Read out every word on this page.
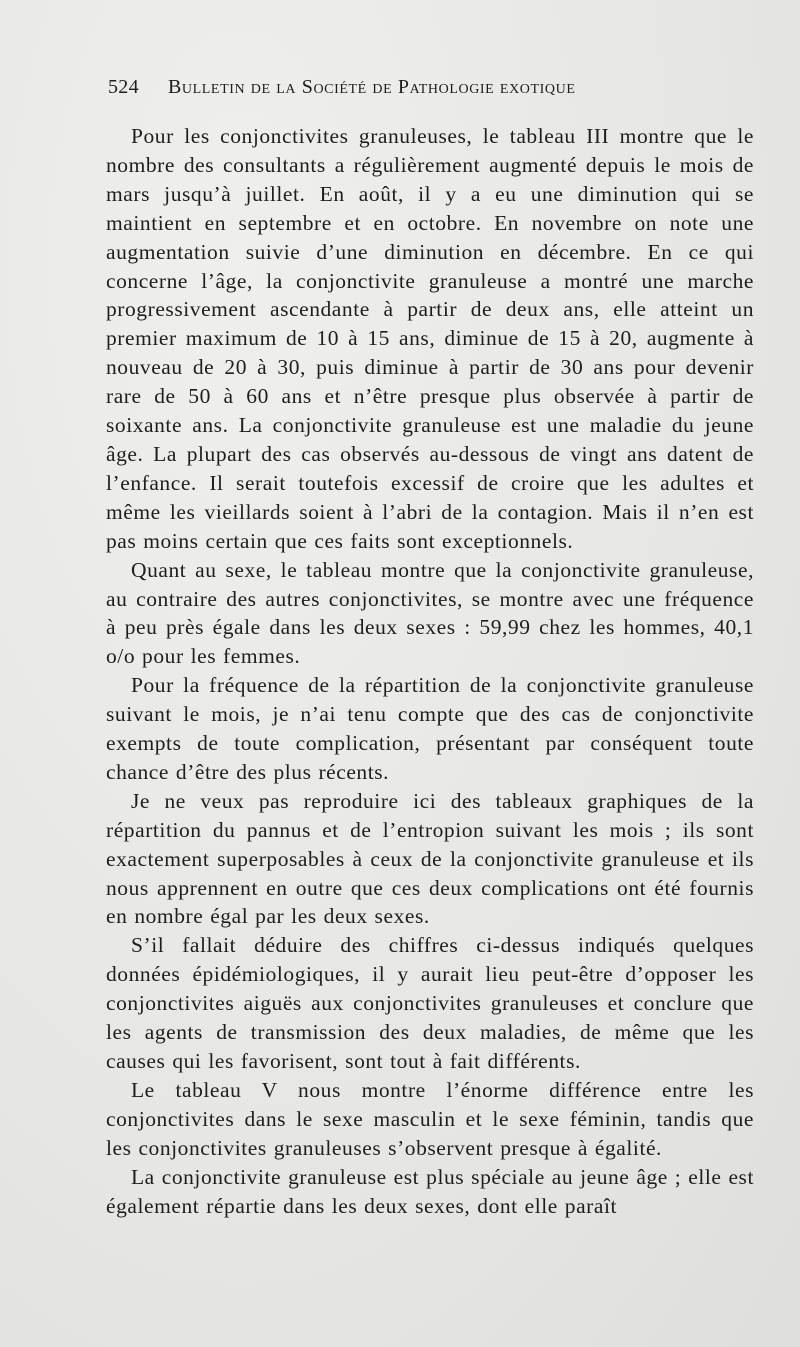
524 Bulletin de la Société de Pathologie exotique

Pour les conjonctivites granuleuses, le tableau III montre que le nombre des consultants a régulièrement augmenté depuis le mois de mars jusqu’à juillet. En août, il y a eu une diminution qui se maintient en septembre et en octobre. En novembre on note une augmentation suivie d’une diminution en décembre. En ce qui concerne l’âge, la conjonctivite granuleuse a montré une marche progressivement ascendante à partir de deux ans, elle atteint un premier maximum de 10 à 15 ans, diminue de 15 à 20, augmente à nouveau de 20 à 30, puis diminue à partir de 30 ans pour devenir rare de 50 à 60 ans et n’être presque plus observée à partir de soixante ans. La conjonctivite granuleuse est une maladie du jeune âge. La plupart des cas observés au-dessous de vingt ans datent de l’enfance. Il serait toutefois excessif de croire que les adultes et même les vieillards soient à l’abri de la contagion. Mais il n’en est pas moins certain que ces faits sont exceptionnels.

Quant au sexe, le tableau montre que la conjonctivite granuleuse, au contraire des autres conjonctivites, se montre avec une fréquence à peu près égale dans les deux sexes : 59,99 chez les hommes, 40,1 o/o pour les femmes.

Pour la fréquence de la répartition de la conjonctivite granuleuse suivant le mois, je n’ai tenu compte que des cas de conjonctivite exempts de toute complication, présentant par conséquent toute chance d’être des plus récents.

Je ne veux pas reproduire ici des tableaux graphiques de la répartition du pannus et de l’entropion suivant les mois ; ils sont exactement superposables à ceux de la conjonctivite granuleuse et ils nous apprennent en outre que ces deux complications ont été fournis en nombre égal par les deux sexes.

S’il fallait déduire des chiffres ci-dessus indiqués quelques données épidémiologiques, il y aurait lieu peut-être d’opposer les conjonctivites aiguës aux conjonctivites granuleuses et conclure que les agents de transmission des deux maladies, de même que les causes qui les favorisent, sont tout à fait différents.

Le tableau V nous montre l’énorme différence entre les conjonctivites dans le sexe masculin et le sexe féminin, tandis que les conjonctivites granuleuses s’observent presque à égalité.

La conjonctivite granuleuse est plus spéciale au jeune âge ; elle est également répartie dans les deux sexes, dont elle paraît
